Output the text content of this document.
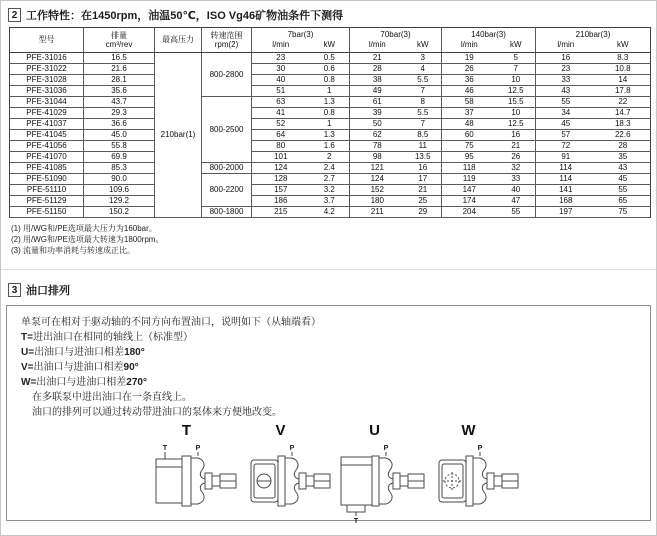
2 工作特性：在1450rpm，油温50℃，ISO Vg46矿物油条件下测得
型号	排量
cm³/rev	最高压力	转速范围
rpm(2)	7bar(3)		70bar(3)		140bar(3)		210bar(3)	
				l/min	kW	l/min	kW	l/min	kW	l/min	kW
PFE-31016	16.5	210bar(1)	800-2800	23	0.5	21	3	19	5	16	8.3
PFE-31022	21.6			30	0.6	28	4	26	7	23	10.8
PFE-31028	28.1			40	0.8	38	5.5	36	10	33	14
PFE-31036	35.6			51	1	49	7	46	12.5	43	17.8
PFE-31044	43.7		800-2500	63	1.3	61	8	58	15.5	55	22
PFE-41029	29.3			41	0.8	39	5.5	37	10	34	14.7
PFE-41037	36.6			52	1	50	7	48	12.5	45	18.3
PFE-41045	45.0			64	1.3	62	8.5	60	16	57	22.6
PFE-41056	55.8			80	1.6	78	11	75	21	72	28
PFE-41070	69.9			101	2	98	13.5	95	26	91	35
PFE-41085	85.3		800-2000	124	2.4	121	16	118	32	114	43
PFE-51090	90.0		800-2200	128	2.7	124	17	119	33	114	45
PFE-51110	109.6			157	3.2	152	21	147	40	141	55
PFE-51129	129.2			186	3.7	180	25	174	47	168	65
PFE-51150	150.2		800-1800	215	4.2	211	29	204	55	197	75
(1) 用/WG和/PE选项最大压力为160bar。
(2) 用/WG和/PE选项最大转速为1800rpm。
(3) 流量和功率消耗与转速成正比。
3 油口排列
单泵可在相对于驱动轴的不同方向布置油口，说明如下（从轴端看）
T=进出油口在相同的轴线上（标准型）
U=出油口与进油口相差180°
V=出油口与进油口相差90°
W=出油口与进油口相差270°
在多联泵中进出油口在一条直线上。
油口的排列可以通过转动带进油口的泵体来方便地改变。
T
T	P
V
P
U
P
T
W
P
